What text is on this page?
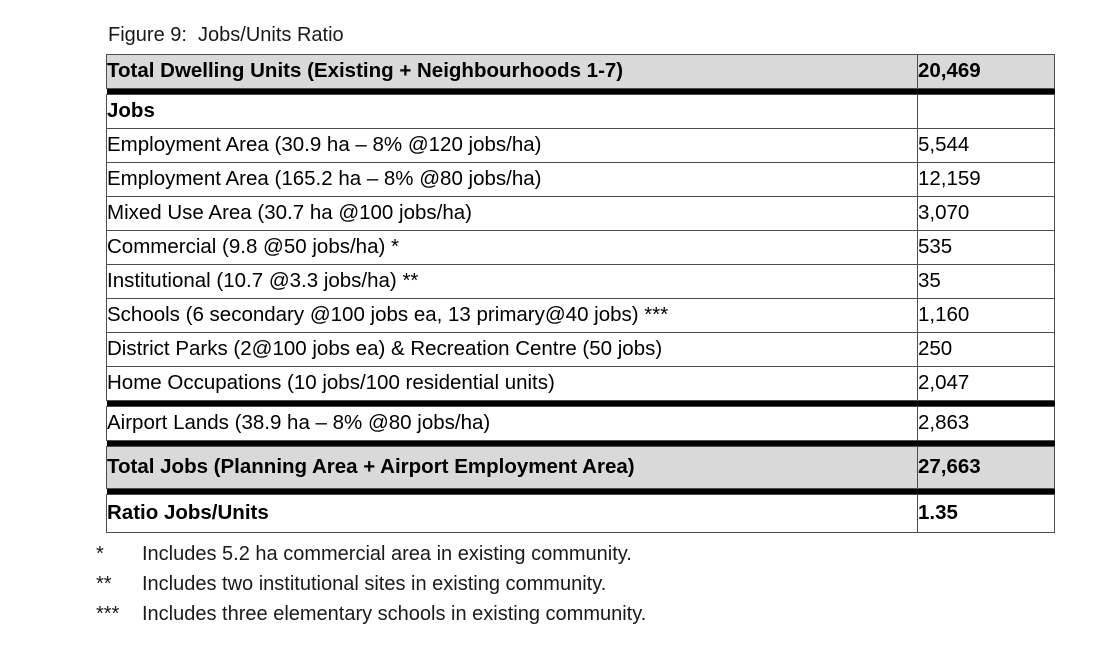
Figure 9:  Jobs/Units Ratio
Total Dwelling Units (Existing + Neighbourhoods 1-7)	20,469

Jobs	
Employment Area (30.9 ha – 8% @120 jobs/ha)	5,544
Employment Area (165.2 ha – 8% @80 jobs/ha)	12,159
Mixed Use Area (30.7 ha @100 jobs/ha)	3,070
Commercial (9.8 @50 jobs/ha) *	535
Institutional (10.7 @3.3 jobs/ha) **	35
Schools (6 secondary @100 jobs ea, 13 primary@40 jobs) ***	1,160
District Parks (2@100 jobs ea) & Recreation Centre (50 jobs)	250
Home Occupations (10 jobs/100 residential units)	2,047

Airport Lands (38.9 ha – 8% @80 jobs/ha)	2,863

Total Jobs (Planning Area + Airport Employment Area)	27,663

Ratio Jobs/Units	1.35
*	Includes 5.2 ha commercial area in existing community.
**	Includes two institutional sites in existing community.
***	Includes three elementary schools in existing community.
